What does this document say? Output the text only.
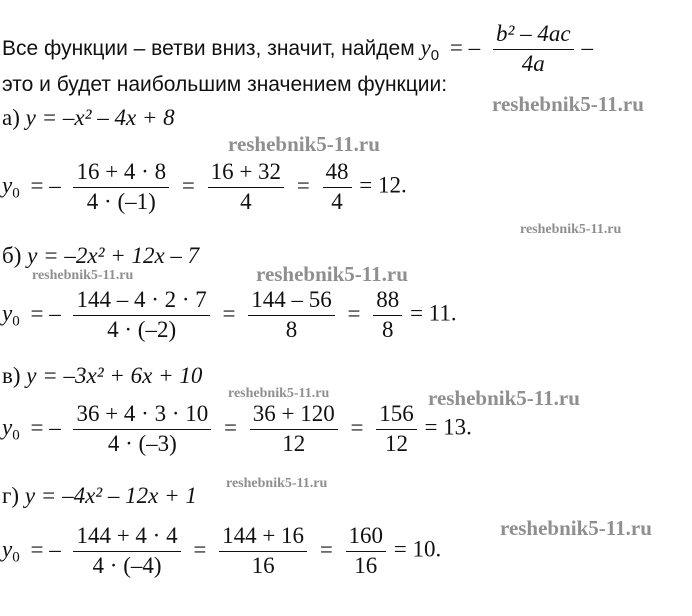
Все функции – ветви вниз, значит, найдем $y_0$ = – $\frac{\text{b² – 4ac}}{4a}$ –
это и будет наибольшим значением функции:
а) y = –x² – 4x + 8
$y_0$ = – $\frac{16 + 4 \cdot 8}{4 \cdot (-1)} = \frac{16 + 32}{4} = \frac{48}{4} = 12$.
б) y = –2x² + 12x – 7
$y_0$ = – $\frac{144 - 4 \cdot 2 \cdot 7}{4 \cdot (-2)} = \frac{144 - 56}{8} = \frac{88}{8} = 11$.
в) y = –3x² + 6x + 10
$y_0$ = – $\frac{36 + 4 \cdot 3 \cdot 10}{4 \cdot (-3)} = \frac{36 + 120}{12} = \frac{156}{12} = 13$.
г) y = –4x² – 12x + 1
$y_0$ = – $\frac{144 + 4 \cdot 4}{4 \cdot (-4)} = \frac{144 + 16}{16} = \frac{160}{16} = 10$.
reshebnik5-11.ru
reshebnik5-11.ru
reshebnik5-11.ru
reshebnik5-11.ru	reshebnik5-11.ru
reshebnik5-11.ru	reshebnik5-11.ru
reshebnik5-11.ru
reshebnik5-11.ru
